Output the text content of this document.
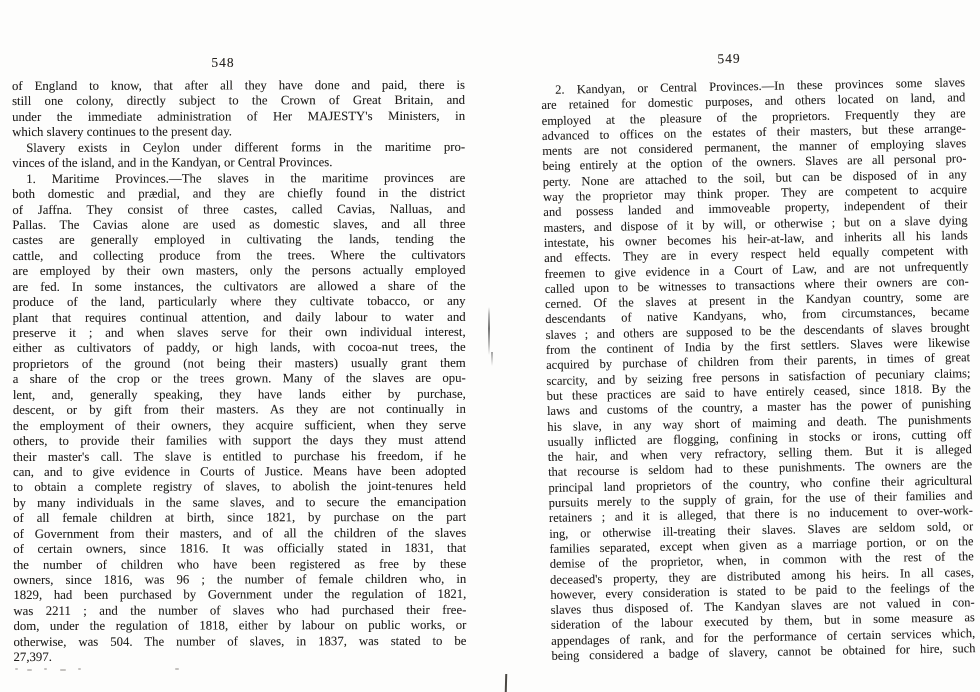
548	549
of England to know, that after all they have done and paid, there is
still one colony, directly subject to the Crown of Great Britain, and
under the immediate administration of Her MAJESTY's Ministers, in
which slavery continues to the present day.
Slavery exists in Ceylon under different forms in the maritime pro-
vinces of the island, and in the Kandyan, or Central Provinces.
1. Maritime Provinces.—The slaves in the maritime provinces are
both domestic and prædial, and they are chiefly found in the district
of Jaffna. They consist of three castes, called Cavias, Nalluas, and
Pallas. The Cavias alone are used as domestic slaves, and all three
castes are generally employed in cultivating the lands, tending the
cattle, and collecting produce from the trees. Where the cultivators
are employed by their own masters, only the persons actually employed
are fed. In some instances, the cultivators are allowed a share of the
produce of the land, particularly where they cultivate tobacco, or any
plant that requires continual attention, and daily labour to water and
preserve it ; and when slaves serve for their own individual interest,
either as cultivators of paddy, or high lands, with cocoa-nut trees, the
proprietors of the ground (not being their masters) usually grant them
a share of the crop or the trees grown. Many of the slaves are opu-
lent, and, generally speaking, they have lands either by purchase,
descent, or by gift from their masters. As they are not continually in
the employment of their owners, they acquire sufficient, when they serve
others, to provide their families with support the days they must attend
their master's call. The slave is entitled to purchase his freedom, if he
can, and to give evidence in Courts of Justice. Means have been adopted
to obtain a complete registry of slaves, to abolish the joint-tenures held
by many individuals in the same slaves, and to secure the emancipation
of all female children at birth, since 1821, by purchase on the part
of Government from their masters, and of all the children of the slaves
of certain owners, since 1816. It was officially stated in 1831, that
the number of children who have been registered as free by these
owners, since 1816, was 96 ; the number of female children who, in
1829, had been purchased by Government under the regulation of 1821,
was 2211 ; and the number of slaves who had purchased their free-
dom, under the regulation of 1818, either by labour on public works, or
otherwise, was 504. The number of slaves, in 1837, was stated to be
27,397.
2. Kandyan, or Central Provinces.—In these provinces some slaves
are retained for domestic purposes, and others located on land, and
employed at the pleasure of the proprietors. Frequently they are
advanced to offices on the estates of their masters, but these arrange-
ments are not considered permanent, the manner of employing slaves
being entirely at the option of the owners. Slaves are all personal pro-
perty. None are attached to the soil, but can be disposed of in any
way the proprietor may think proper. They are competent to acquire
and possess landed and immoveable property, independent of their
masters, and dispose of it by will, or otherwise ; but on a slave dying
intestate, his owner becomes his heir-at-law, and inherits all his lands
and effects. They are in every respect held equally competent with
freemen to give evidence in a Court of Law, and are not unfrequently
called upon to be witnesses to transactions where their owners are con-
cerned. Of the slaves at present in the Kandyan country, some are
descendants of native Kandyans, who, from circumstances, became
slaves ; and others are supposed to be the descendants of slaves brought
from the continent of India by the first settlers. Slaves were likewise
acquired by purchase of children from their parents, in times of great
scarcity, and by seizing free persons in satisfaction of pecuniary claims;
but these practices are said to have entirely ceased, since 1818. By the
laws and customs of the country, a master has the power of punishing
his slave, in any way short of maiming and death. The punishments
usually inflicted are flogging, confining in stocks or irons, cutting off
the hair, and when very refractory, selling them. But it is alleged
that recourse is seldom had to these punishments. The owners are the
principal land proprietors of the country, who confine their agricultural
pursuits merely to the supply of grain, for the use of their families and
retainers ; and it is alleged, that there is no inducement to over-work-
ing, or otherwise ill-treating their slaves. Slaves are seldom sold, or
families separated, except when given as a marriage portion, or on the
demise of the proprietor, when, in common with the rest of the
deceased's property, they are distributed among his heirs. In all cases,
however, every consideration is stated to be paid to the feelings of the
slaves thus disposed of. The Kandyan slaves are not valued in con-
sideration of the labour executed by them, but in some measure as
appendages of rank, and for the performance of certain services which,
being considered a badge of slavery, cannot be obtained for hire, such
